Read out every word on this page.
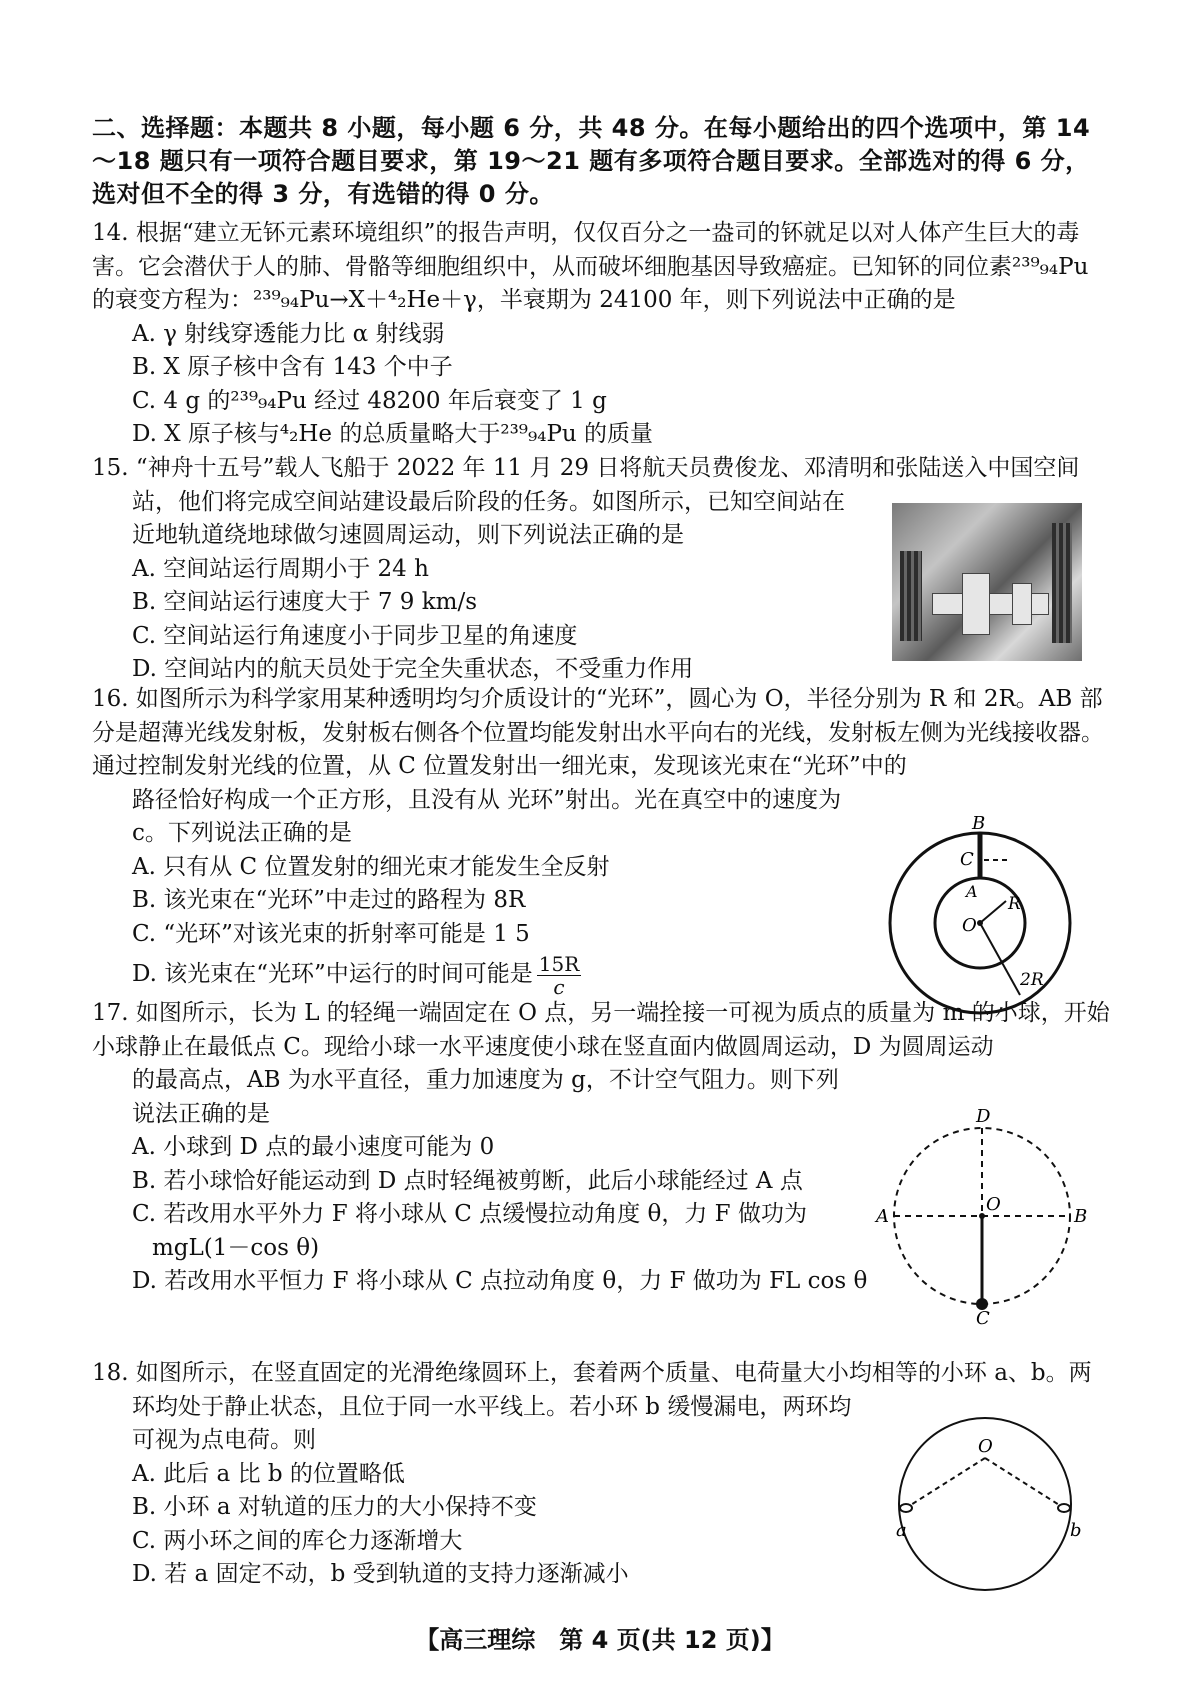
二、选择题：本题共 8 小题，每小题 6 分，共 48 分。在每小题给出的四个选项中，第 14～18 题只有一项符合题目要求，第 19～21 题有多项符合题目要求。全部选对的得 6 分，选对但不全的得 3 分，有选错的得 0 分。
14. 根据“建立无钚元素环境组织”的报告声明，仅仅百分之一盎司的钚就足以对人体产生巨大的毒害。它会潜伏于人的肺、骨骼等细胞组织中，从而破坏细胞基因导致癌症。已知钚的同位素²³⁹₉₄Pu 的衰变方程为：²³⁹₉₄Pu→X＋⁴₂He＋γ，半衰期为 24100 年，则下列说法中正确的是
A. γ 射线穿透能力比 α 射线弱
B. X 原子核中含有 143 个中子
C. 4 g 的²³⁹₉₄Pu 经过 48200 年后衰变了 1 g
D. X 原子核与⁴₂He 的总质量略大于²³⁹₉₄Pu 的质量
15. “神舟十五号”载人飞船于 2022 年 11 月 29 日将航天员费俊龙、邓清明和张陆送入中国空间
站，他们将完成空间站建设最后阶段的任务。如图所示，已知空间站在近地轨道绕地球做匀速圆周运动，则下列说法正确的是
A. 空间站运行周期小于 24 h
B. 空间站运行速度大于 7 9 km/s
C. 空间站运行角速度小于同步卫星的角速度
D. 空间站内的航天员处于完全失重状态，不受重力作用
16. 如图所示为科学家用某种透明均匀介质设计的“光环”，圆心为 O，半径分别为 R 和 2R。AB 部分是超薄光线发射板，发射板右侧各个位置均能发射出水平向右的光线，发射板左侧为光线接收器。通过控制发射光线的位置，从 C 位置发射出一细光束，发现该光束在“光环”中的
路径恰好构成一个正方形，且没有从 光环”射出。光在真空中的速度为 c。下列说法正确的是
A. 只有从 C 位置发射的细光束才能发生全反射
B. 该光束在“光环”中走过的路程为 8R
C. “光环”对该光束的折射率可能是 1 5
D. 该光束在“光环”中运行的时间可能是 $\frac{15R}{c}$
B
C
A
O
R
2R
17. 如图所示，长为 L 的轻绳一端固定在 O 点，另一端拴接一可视为质点的质量为 m 的小球，开始小球静止在最低点 C。现给小球一水平速度使小球在竖直面内做圆周运动，D 为圆周运动
的最高点，AB 为水平直径，重力加速度为 g，不计空气阻力。则下列说法正确的是
A. 小球到 D 点的最小速度可能为 0
B. 若小球恰好能运动到 D 点时轻绳被剪断，此后小球能经过 A 点
C. 若改用水平外力 F 将小球从 C 点缓慢拉动角度 θ，力 F 做功为
mgL(1－cos θ)
D. 若改用水平恒力 F 将小球从 C 点拉动角度 θ，力 F 做功为 FL cos θ
D
A
O
B
C
18. 如图所示，在竖直固定的光滑绝缘圆环上，套着两个质量、电荷量大小均相等的小环 a、b。两
环均处于静止状态，且位于同一水平线上。若小环 b 缓慢漏电，两环均可视为点电荷。则
A. 此后 a 比 b 的位置略低
B. 小环 a 对轨道的压力的大小保持不变
C. 两小环之间的库仑力逐渐增大
D. 若 a 固定不动，b 受到轨道的支持力逐渐减小
O
a	b
【高三理综　第 4 页(共 12 页)】
